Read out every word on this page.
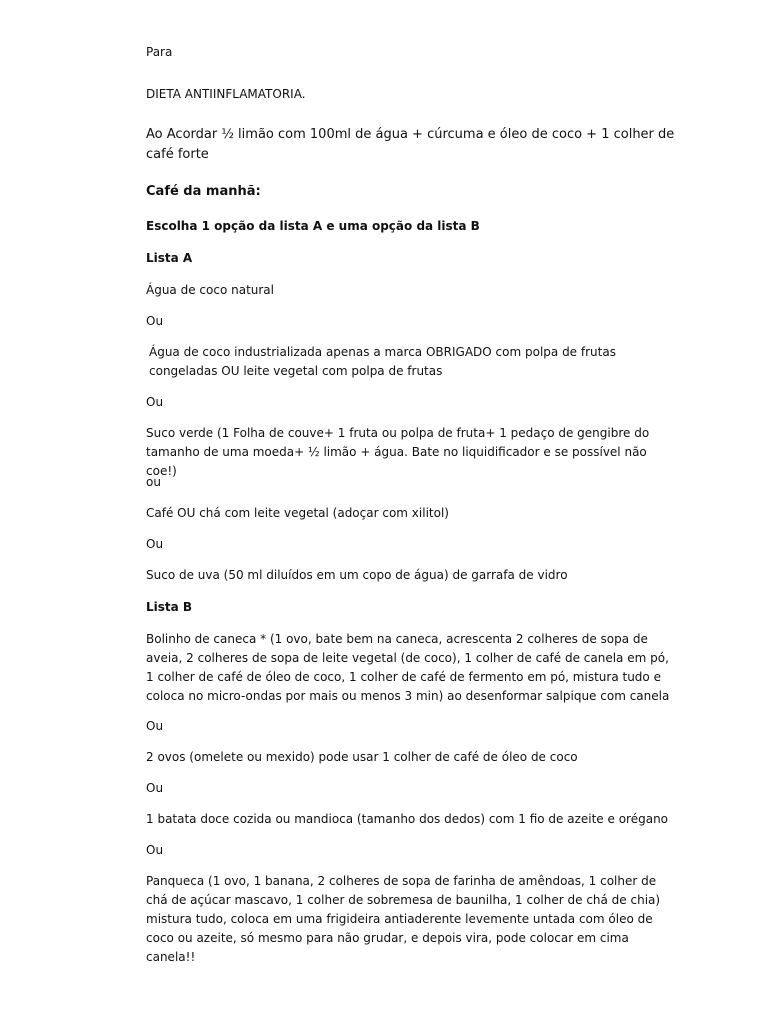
Para

DIETA ANTIINFLAMATORIA.

Ao Acordar ½ limão com 100ml de água + cúrcuma e óleo de coco + 1 colher de café forte

Café da manhã:

Escolha 1 opção da lista A e uma opção da lista B

Lista A

Água de coco natural

Ou

Água de coco industrializada apenas a marca OBRIGADO com polpa de frutas congeladas OU leite vegetal com polpa de frutas

Ou

Suco verde (1 Folha de couve+ 1 fruta ou polpa de fruta+ 1 pedaço de gengibre do tamanho de uma moeda+ ½ limão + água. Bate no liquidificador e se possível não coe!)

ou

Café OU chá com leite vegetal (adoçar com xilitol)

Ou

Suco de uva (50 ml diluídos em um copo de água) de garrafa de vidro

Lista B

Bolinho de caneca * (1 ovo, bate bem na caneca, acrescenta 2 colheres de sopa de aveia, 2 colheres de sopa de leite vegetal (de coco), 1 colher de café de canela em pó, 1 colher de café de óleo de coco, 1 colher de café de fermento em pó, mistura tudo e coloca no micro-ondas por mais ou menos 3 min) ao desenformar salpique com canela

Ou

2 ovos (omelete ou mexido) pode usar 1 colher de café de óleo de coco

Ou

1 batata doce cozida ou mandioca (tamanho dos dedos) com 1 fio de azeite e orégano

Ou

Panqueca (1 ovo, 1 banana, 2 colheres de sopa de farinha de amêndoas, 1 colher de chá de açúcar mascavo, 1 colher de sobremesa de baunilha, 1 colher de chá de chia) mistura tudo, coloca em uma frigideira antiaderente levemente untada com óleo de coco ou azeite, só mesmo para não grudar, e depois vira, pode colocar em cima canela!!
